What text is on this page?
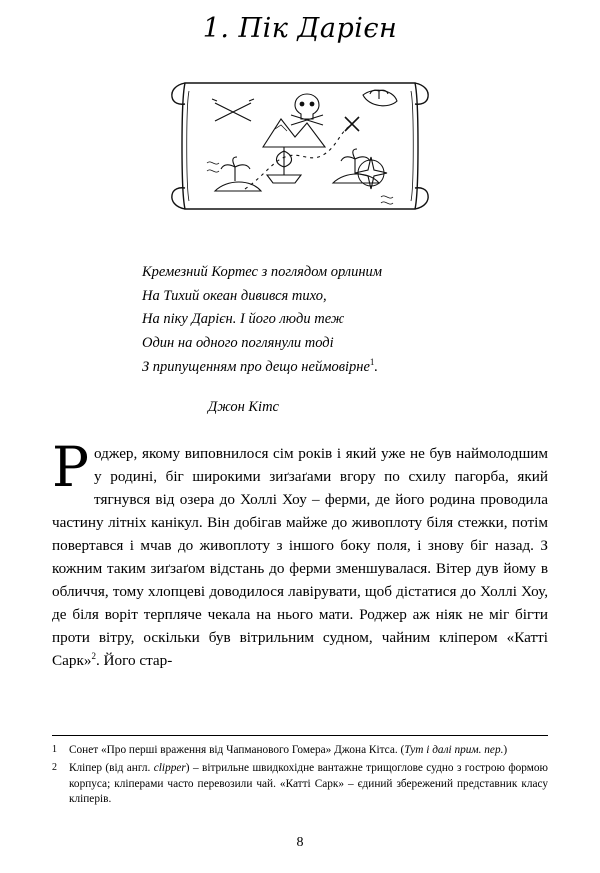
1. Пік Дарієн
Кремезний Кортес з поглядом орлиним
На Тихий океан дивився тихо,
На піку Дарієн. І його люди теж
Один на одного поглянули тоді
З припущенням про дещо неймовірне$^1$.
Джон Кітс

Роджер, якому виповнилося сім років і який уже не був наймолодшим у родині, біг широкими зиґзаґами вгору по схилу пагорба, який тягнувся від озера до Холлі Хоу – ферми, де його родина проводила частину літніх канікул. Він добігав майже до живоплоту біля стежки, потім повертався і мчав до живоплоту з іншого боку поля, і знову біг назад. З кожним таким зиґзаґом відстань до ферми зменшувалася. Вітер дув йому в обличчя, тому хлопцеві доводилося лавірувати, щоб дістатися до Холлі Хоу, де біля воріт терпляче чекала на нього мати. Роджер аж ніяк не міг бігти проти вітру, оскільки був вітрильним судном, чайним кліпером «Катті Сарк»$^2$. Його стар-

1	Сонет «Про перші враження від Чапманового Гомера» Джона Кітса. (Тут і далі прим. пер.)
2	Кліпер (від англ. clipper) – вітрильне швидкохідне вантажне трищоглове судно з гострою формою корпуса; кліперами часто перевозили чай. «Катті Сарк» – єдиний збережений представник класу кліперів.
8
